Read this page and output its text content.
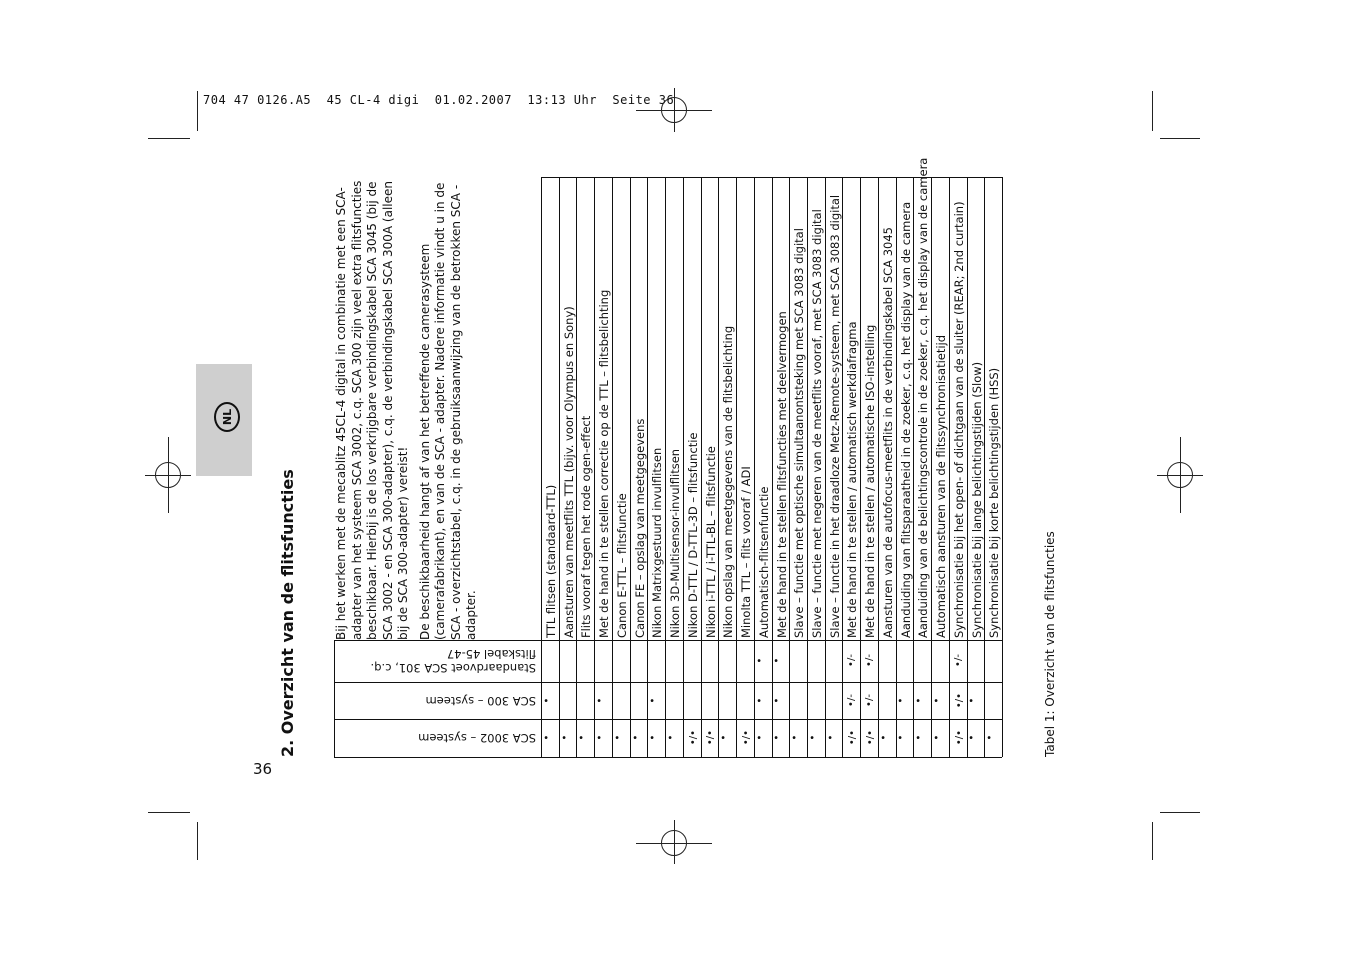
704 47 0126.A5  45 CL-4 digi  01.02.2007  13:13 Uhr  Seite 36
NL
36
2. Overzicht van de flitsfuncties	Bij het werken met de mecablitz 45CL-4 digital in combinatie met een SCA-adapter van het systeem SCA 3002, c.q. SCA 300 zijn veel extra flitsfuncties beschikbaar. Hierbij is de los verkrijgbare verbindingskabel SCA 3045 (bij de SCA 3002 - en SCA 300-adapter), c.q. de verbindingskabel SCA 300A (alleen bij de SCA 300-adapter) vereist! De beschikbaarheid hangt af van het betreffende camerasysteem (camerafabrikant), en van de SCA - adapter. Nadere informatie vindt u in de SCA - overzichtstabel, c.q. in de gebruiksaanwijzing van de betrokken SCA - adapter.

SCA 3002 – systeem
SCA 300 – systeem
Standaardvoet SCA 301, c.q. flitskabel 45-47
TTL flitsen (standaard-TTL)
•
•
Aansturen van meetflits TTL (bijv. voor Olympus en Sony)
•
Flits vooraf tegen het rode ogen-effect
•
Met de hand in te stellen correctie op de TTL – flitsbelichting
•
•
Canon E-TTL – flitsfunctie
•
Canon FE – opslag van meetgegevens
•
Nikon Matrixgestuurd invulflitsen
•
•
Nikon 3D-Multisensor-invulflitsen
•
Nikon D-TTL / D-TTL-3D – flitsfunctie
•/•
Nikon i-TTL / i-TTL-BL – flitsfunctie
•/•
Nikon opslag van meetgegevens van de flitsbelichting
•
Minolta TTL – flits vooraf / ADI
•/•
Automatisch-flitsenfunctie
•
•
•
Met de hand in te stellen flitsfuncties met deelvermogen
•
•
•
Slave – functie met optische simultaanontsteking met SCA 3083 digital
•
Slave – functie met negeren van de meetflits vooraf, met SCA 3083 digital
•
Slave – functie in het draadloze Metz-Remote-systeem, met SCA 3083 digital
•
Met de hand in te stellen / automatisch werkdiafragma
•/•
•/-
•/-
Met de hand in te stellen / automatische ISO-instelling
•/•
•/-
•/-
Aansturen van de autofocus-meetflits in de verbindingskabel SCA 3045
•
Aanduiding van flitsparaatheid in de zoeker, c.q. het display van de camera
•
•
Aanduiding van de belichtingscontrole in de zoeker, c.q. het display van de camera
•
•
Automatisch aansturen van de flitssynchronisatietijd
•
•
Synchronisatie bij het open- of dichtgaan van de sluiter (REAR; 2nd curtain)
•/•
•/•
•/-
Synchronisatie bij lange belichtingstijden (Slow)
•
•
Synchronisatie bij korte belichtingstijden (HSS)
•	Tabel 1: Overzicht van de flitsfuncties
